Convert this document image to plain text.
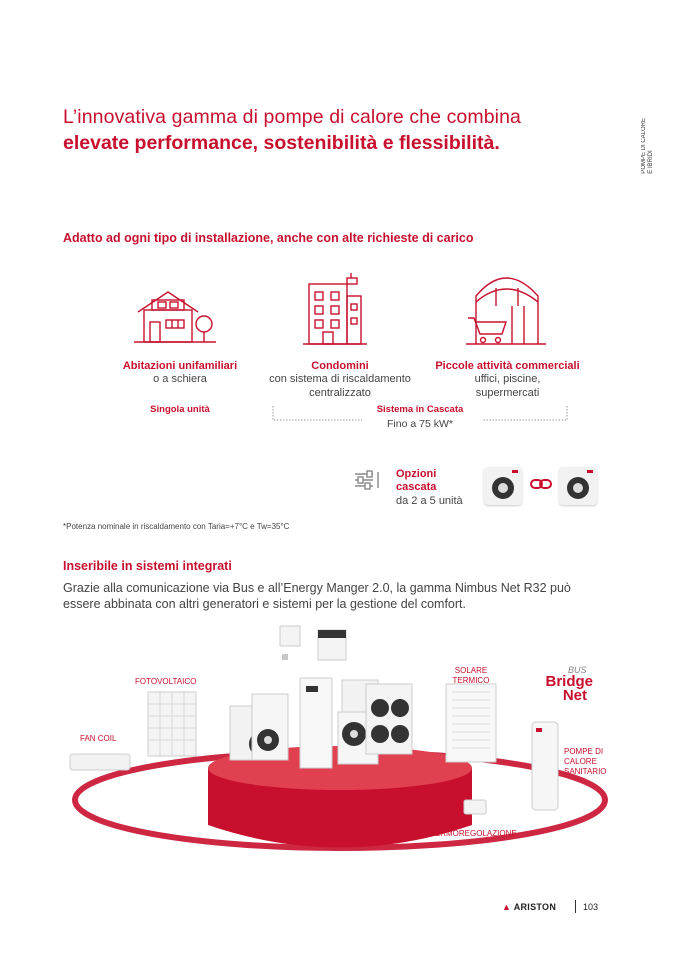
L’innovativa gamma di pompe di calore che combina
elevate performance, sostenibilità e flessibilità.	POMPE DI CALORE E IBRIDI
Adatto ad ogni tipo di installazione, anche con alte richieste di carico
Abitazioni unifamiliari
o a schiera
Condomini
con sistema di riscaldamento centralizzato
Piccole attività commerciali
uffici, piscine, supermercati
Singola unità	Sistema in Cascata
Fino a 75 kW*
Opzioni
cascata
da 2 a 5 unità
*Potenza nominale in riscaldamento con Taria=+7°C e Tw=35°C
Inseribile in sistemi integrati
Grazie alla comunicazione via Bus e all’Energy Manger 2.0, la gamma Nimbus Net R32 può essere abbinata con altri generatori e sistemi per la gestione del comfort.
FOTOVOLTAICO
SOLARE TERMICO
FAN COIL
POMPE DI CALORE SANITARIO
TERMOREGOLAZIONE
BUS
Bridge
Net
▲ ARISTON	103
